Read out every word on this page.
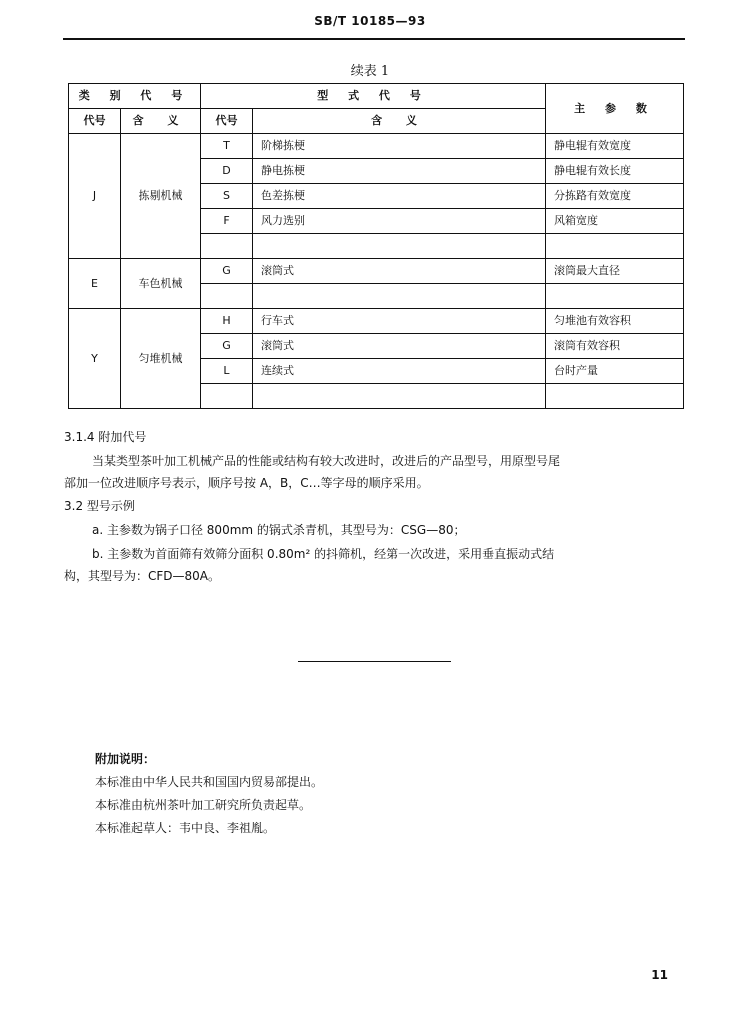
SB/T 10185—93
续表 1
类 别 代 号		型 式 代 号		主 参 数
代号	含 义	代号	含 义	
J	拣剔机械	T	阶梯拣梗	静电辊有效宽度
		D	静电拣梗	静电辊有效长度
		S	色差拣梗	分拣路有效宽度
		F	风力选别	风箱宽度

E	车色机械	G	滚筒式	滚筒最大直径

Y	匀堆机械	H	行车式	匀堆池有效容积
		G	滚筒式	滚筒有效容积
		L	连续式	台时产量

3.1.4 附加代号
当某类型茶叶加工机械产品的性能或结构有较大改进时，改进后的产品型号，用原型号尾
部加一位改进顺序号表示，顺序号按 A，B，C…等字母的顺序采用。
3.2 型号示例
a. 主参数为锅子口径 800mm 的锅式杀青机，其型号为：CSG—80；
b. 主参数为首面筛有效筛分面积 0.80m² 的抖筛机，经第一次改进，采用垂直振动式结
构，其型号为：CFD—80A。
附加说明：
本标准由中华人民共和国国内贸易部提出。
本标准由杭州茶叶加工研究所负责起草。
本标准起草人：韦中良、李祖胤。
11
